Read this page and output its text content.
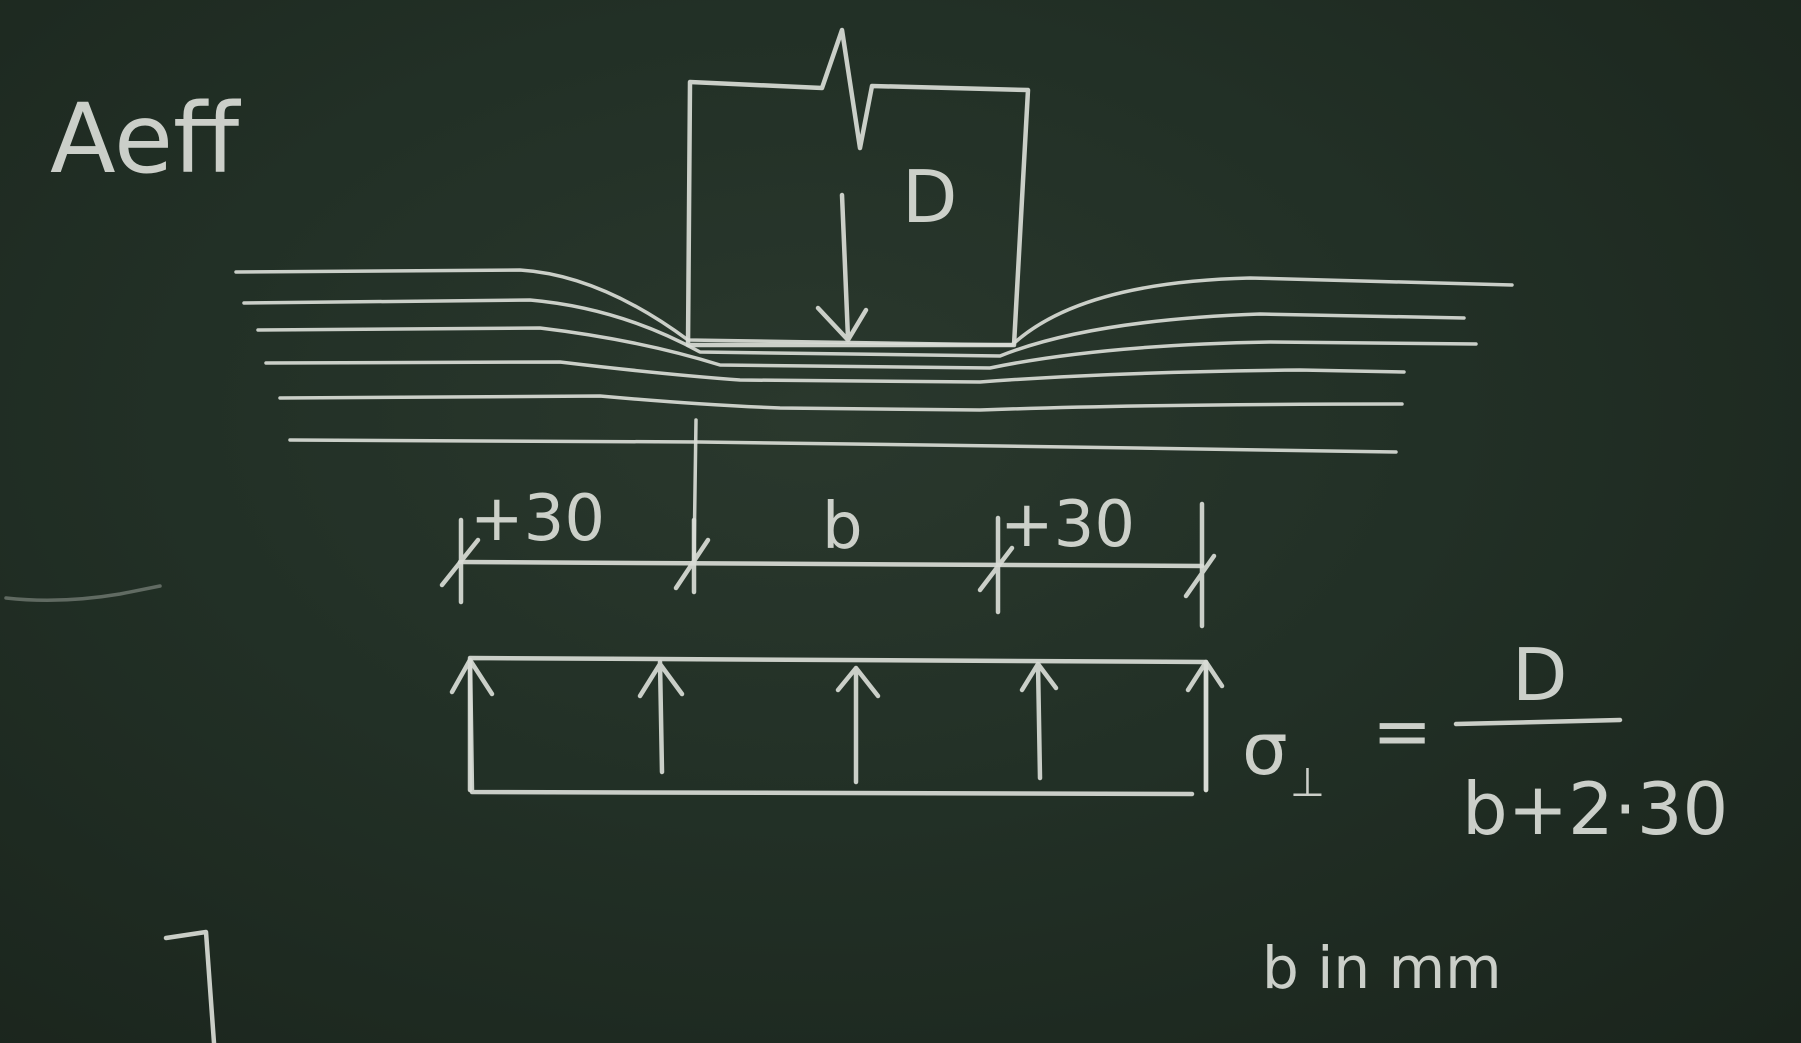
Aeff
D
+30	b +30
σ ⊥
=
D
b+2·30
b in mm
